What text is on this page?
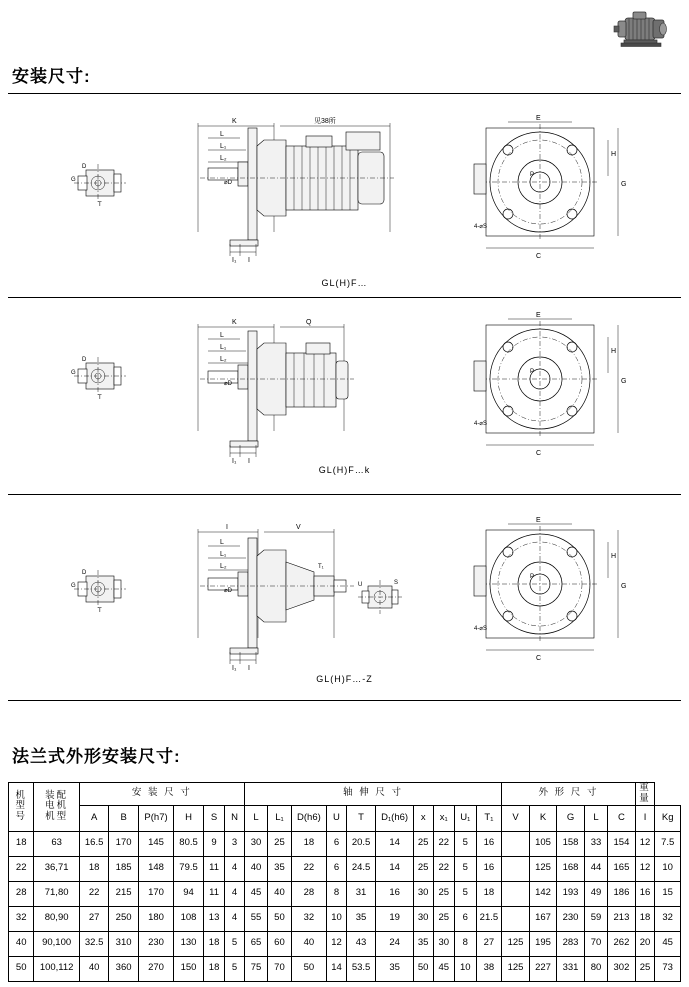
安装尺寸:
G
D
T
K	见38所
L
L₁
L₂
I₁ I
⌀D
E
H
G
C
4-⌀S
P
GL(H)F…
G
D
T
K	Q
L
L₁
L₂
I₁ I
⌀D
E
H
G
C
4-⌀S
P
GL(H)F…k
G
D
T
I	V
L
L₁
L₂
I₁ I
⌀D
T₁
S
U
E
H
G
C
4-⌀S
P
GL(H)F…-Z
法兰式外形安装尺寸:
机
型
号

装配
电机
机型
	安 装 尺 寸	轴 伸 尺 寸	外 形 尺 寸	重 量
		A	B	P(h7)	H	S	N	L	L₁	D(h6)	U	T	D₁(h6)	x	x₁	U₁	T₁	V	K	G	L	C	I	Kg
18	63	16.5	170	145	80.5	9	3	30	25	18	6	20.5	14	25	22	5	16		105	158	33	154	12	7.5
22	36,71	18	185	148	79.5	11	4	40	35	22	6	24.5	14	25	22	5	16		125	168	44	165	12	10
28	71,80	22	215	170	94	11	4	45	40	28	8	31	16	30	25	5	18		142	193	49	186	16	15
32	80,90	27	250	180	108	13	4	55	50	32	10	35	19	30	25	6	21.5		167	230	59	213	18	32
40	90,100	32.5	310	230	130	18	5	65	60	40	12	43	24	35	30	8	27	125	195	283	70	262	20	45
50	100,112	40	360	270	150	18	5	75	70	50	14	53.5	35	50	45	10	38	125	227	331	80	302	25	73
